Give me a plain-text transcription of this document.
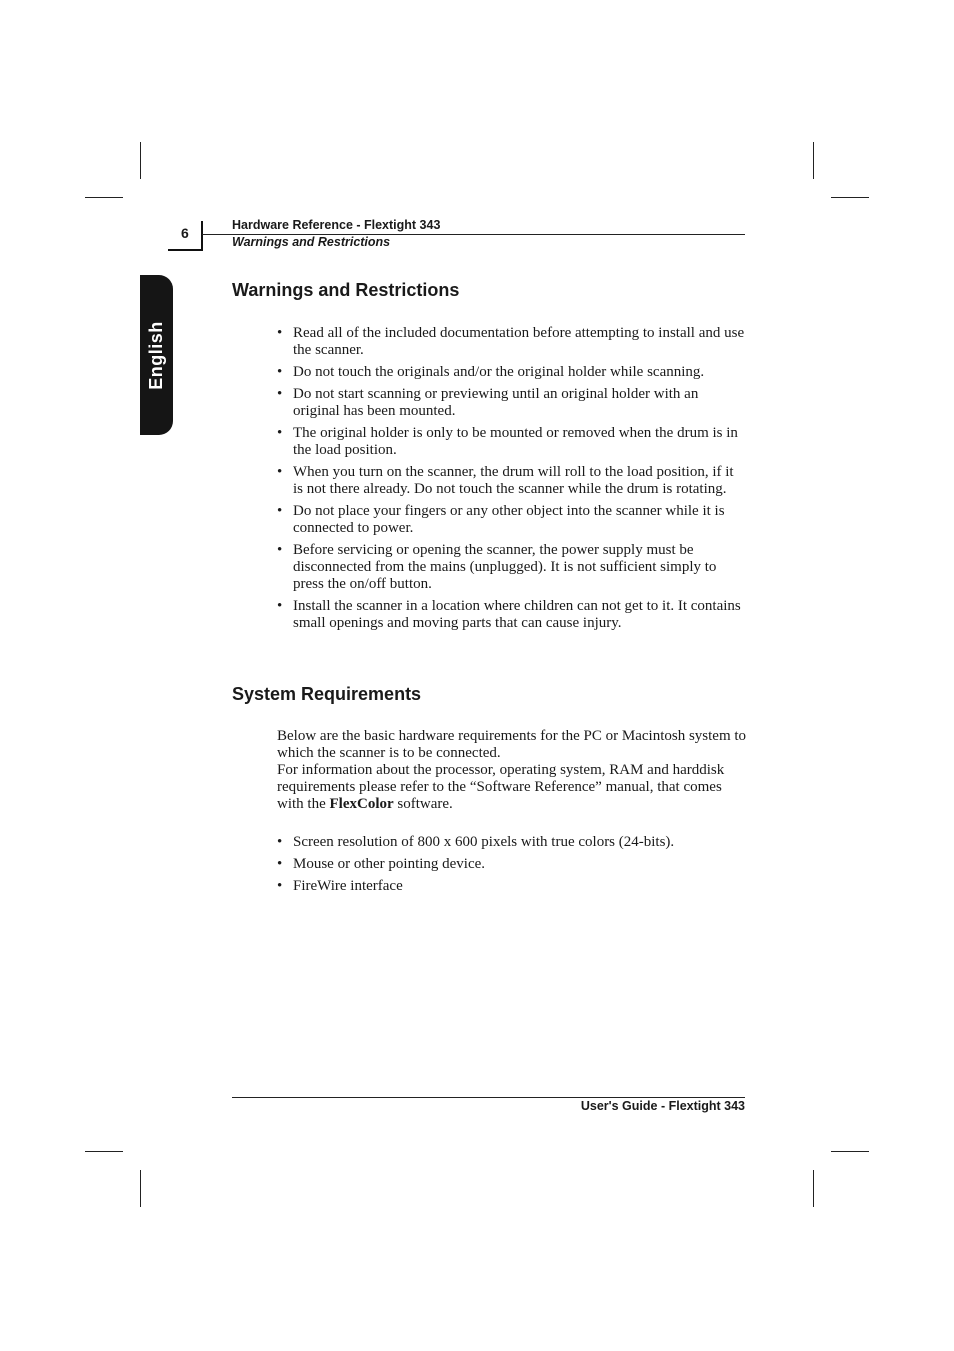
6	Hardware Reference - Flextight 343
Warnings and Restrictions
English
Warnings and Restrictions
• Read all of the included documentation before attempting to install and use the scanner.
• Do not touch the originals and/or the original holder while scanning.
• Do not start scanning or previewing until an original holder with an original has been mounted.
• The original holder is only to be mounted or removed when the drum is in the load position.
• When you turn on the scanner, the drum will roll to the load position, if it is not there already. Do not touch the scanner while the drum is rotating.
• Do not place your fingers or any other object into the scanner while it is connected to power.
• Before servicing or opening the scanner, the power supply must be disconnected from the mains (unplugged). It is not sufficient simply to press the on/off button.
• Install the scanner in a location where children can not get to it. It contains small openings and moving parts that can cause injury.
System Requirements

Below are the basic hardware requirements for the PC or Macintosh system to which the scanner is to be connected.

For information about the processor, operating system, RAM and harddisk requirements please refer to the “Software Reference” manual, that comes with the FlexColor software.

• Screen resolution of 800 x 600 pixels with true colors (24-bits).
• Mouse or other pointing device.
• FireWire interface
User's Guide - Flextight 343
